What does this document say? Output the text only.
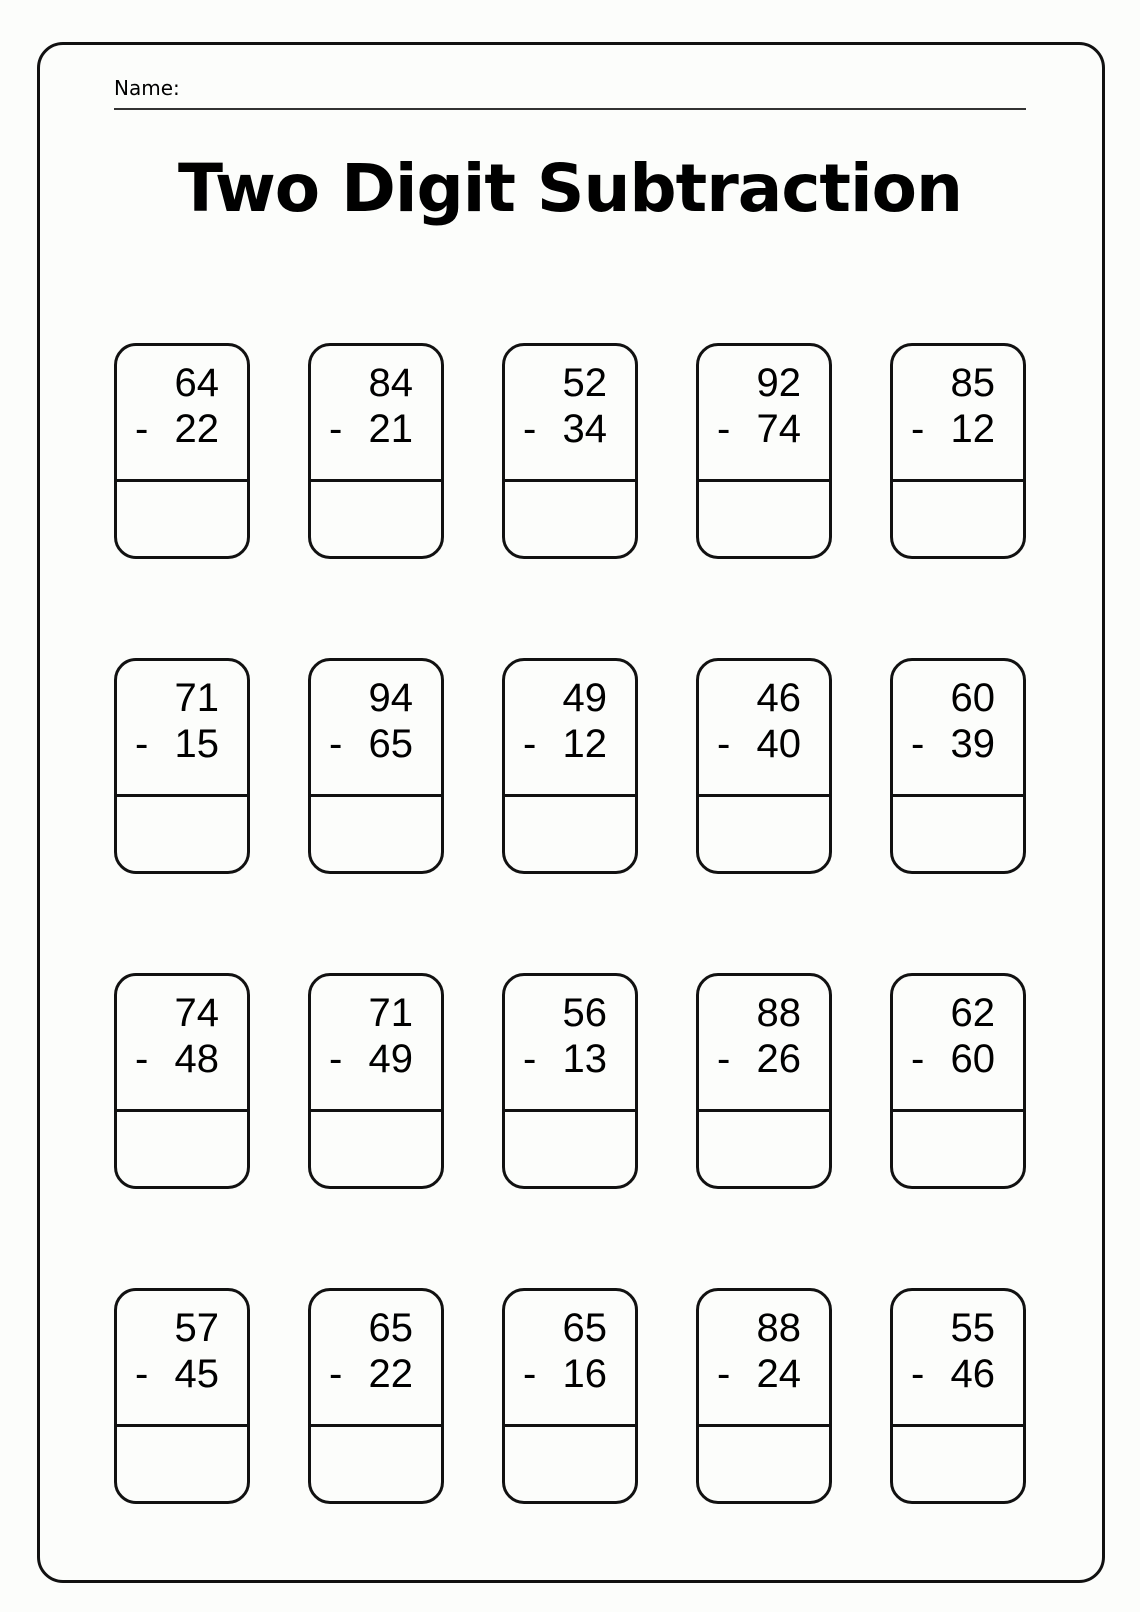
Name:
Two Digit Subtraction
64
- 22
84
- 21
52
- 34
92
- 74
85
- 12
71
- 15
94
- 65
49
- 12
46
- 40
60
- 39
74
- 48
71
- 49
56
- 13
88
- 26
62
- 60
57
- 45
65
- 22
65
- 16
88
- 24
55
- 46
